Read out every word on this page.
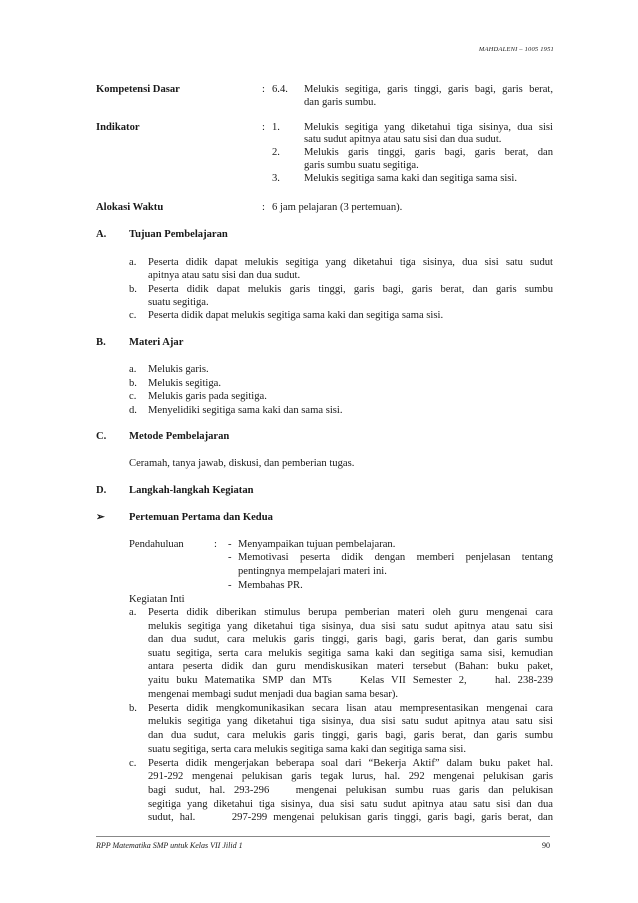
MAHDALENI – 1005 1951
Kompetensi Dasar	: 6.4. Melukis segitiga, garis tinggi, garis bagi, garis berat,
dan garis sumbu.
Indikator	: 1. Melukis segitiga yang diketahui tiga sisinya, dua sisi
satu sudut apitnya atau satu sisi dan dua sudut.
2. Melukis garis tinggi, garis bagi, garis berat, dan
garis sumbu suatu segitiga.
3. Melukis segitiga sama kaki dan segitiga sama sisi.
Alokasi Waktu	: 6 jam pelajaran (3 pertemuan).
A. Tujuan Pembelajaran
a. Peserta didik dapat melukis segitiga yang diketahui tiga sisinya, dua sisi satu sudut
apitnya atau satu sisi dan dua sudut.
b. Peserta didik dapat melukis garis tinggi, garis bagi, garis berat, dan garis sumbu
suatu segitiga.
c. Peserta didik dapat melukis segitiga sama kaki dan segitiga sama sisi.
B. Materi Ajar
a. Melukis garis.
b. Melukis segitiga.
c. Melukis garis pada segitiga.
d. Menyelidiki segitiga sama kaki dan sama sisi.
C. Metode Pembelajaran
Ceramah, tanya jawab, diskusi, dan pemberian tugas.
D. Langkah-langkah Kegiatan
➢ Pertemuan Pertama dan Kedua
Pendahuluan	: - Menyampaikan tujuan pembelajaran.
- Memotivasi peserta didik dengan memberi penjelasan tentang
pentingnya mempelajari materi ini.
- Membahas PR.
Kegiatan Inti
a. Peserta didik diberikan stimulus berupa pemberian materi oleh guru mengenai cara
melukis segitiga yang diketahui tiga sisinya, dua sisi satu sudut apitnya atau satu sisi
dan dua sudut, cara melukis garis tinggi, garis bagi, garis berat, dan garis sumbu
suatu segitiga, serta cara melukis segitiga sama kaki dan segitiga sama sisi, kemudian
antara peserta didik dan guru mendiskusikan materi tersebut (Bahan: buku paket,
yaitu buku Matematika SMP dan MTs    Kelas VII Semester 2,    hal. 238-239
mengenai membagi sudut menjadi dua bagian sama besar).
b. Peserta didik mengkomunikasikan secara lisan atau mempresentasikan mengenai cara
melukis segitiga yang diketahui tiga sisinya, dua sisi satu sudut apitnya atau satu sisi
dan dua sudut, cara melukis garis tinggi, garis bagi, garis berat, dan garis sumbu
suatu segitiga, serta cara melukis segitiga sama kaki dan segitiga sama sisi.
c. Peserta didik mengerjakan beberapa soal dari “Bekerja Aktif” dalam buku paket hal.
291-292 mengenai pelukisan garis tegak lurus, hal. 292 mengenai pelukisan garis
bagi sudut, hal. 293-296   mengenai pelukisan sumbu ruas garis dan pelukisan
segitiga yang diketahui tiga sisinya, dua sisi satu sudut apitnya atau satu sisi dan dua
sudut, hal.      297-299 mengenai pelukisan garis tinggi, garis bagi, garis berat, dan
RPP Matematika SMP untuk Kelas VII Jilid 1	90
